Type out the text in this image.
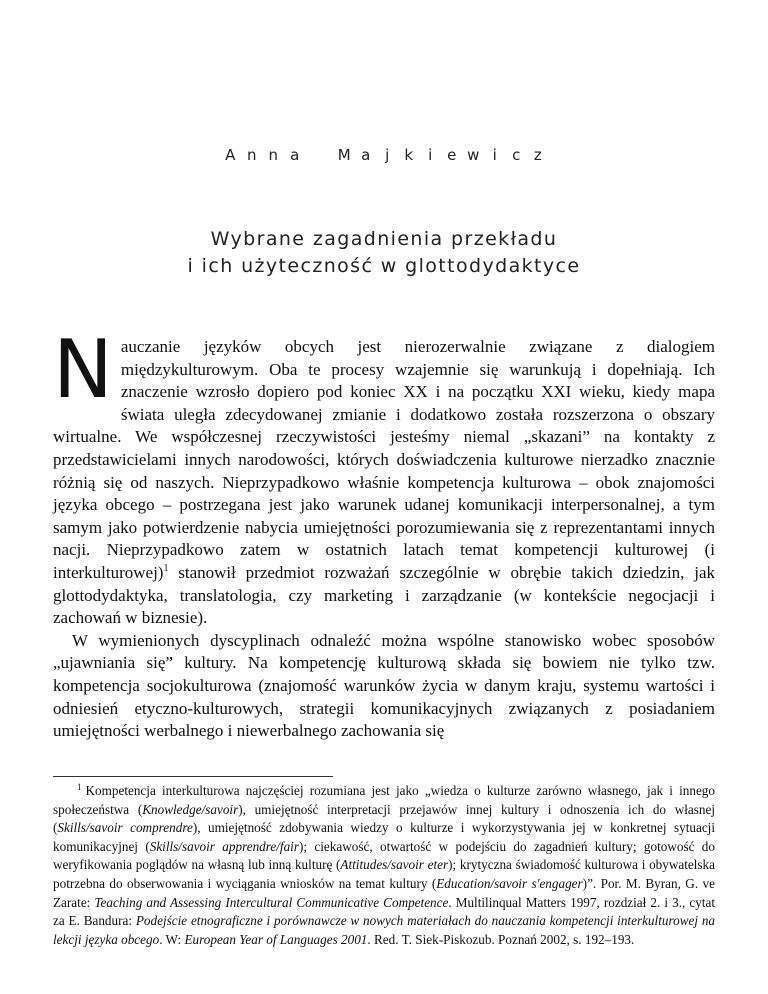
A n n a	M a j k i e w i c z
Wybrane zagadnienia przekładu
i ich użyteczność w glottodydaktyce

Nauczanie języków obcych jest nierozerwalnie związane z dialogiem międzykulturowym. Oba te procesy wzajemnie się warunkują i dopełniają. Ich znaczenie wzrosło dopiero pod koniec XX i na początku XXI wieku, kiedy mapa świata uległa zdecydowanej zmianie i dodatkowo została rozszerzona o obszary wirtualne. We współczesnej rzeczywistości jesteśmy niemal „skazani” na kontakty z przedstawicielami innych narodowości, których doświadczenia kulturowe nierzadko znacznie różnią się od naszych. Nieprzypadkowo właśnie kompetencja kulturowa – obok znajomości języka obcego – postrzegana jest jako warunek udanej komunikacji interpersonalnej, a tym samym jako potwierdzenie nabycia umiejętności porozumiewania się z reprezentantami innych nacji. Nieprzypadkowo zatem w ostatnich latach temat kompetencji kulturowej (i interkulturowej)$^1$ stanowił przedmiot rozważań szczególnie w obrębie takich dziedzin, jak glottodydaktyka, translatologia, czy marketing i zarządzanie (w kontekście negocjacji i zachowań w biznesie).

W wymienionych dyscyplinach odnaleźć można wspólne stanowisko wobec sposobów „ujawniania się” kultury. Na kompetencję kulturową składa się bowiem nie tylko tzw. kompetencja socjokulturowa (znajomość warunków życia w danym kraju, systemu wartości i odniesień etyczno-kulturowych, strategii komunikacyjnych związanych z posiadaniem umiejętności werbalnego i niewerbalnego zachowania się

$^1$ Kompetencja interkulturowa najczęściej rozumiana jest jako „wiedza o kulturze zarówno własnego, jak i innego społeczeństwa (Knowledge/savoir), umiejętność interpretacji przejawów innej kultury i odnoszenia ich do własnej (Skills/savoir comprendre), umiejętność zdobywania wiedzy o kulturze i wykorzystywania jej w konkretnej sytuacji komunikacyjnej (Skills/savoir apprendre/fair); ciekawość, otwartość w podejściu do zagadnień kultury; gotowość do weryfikowania poglądów na własną lub inną kulturę (Attitudes/savoir eter); krytyczna świadomość kulturowa i obywatelska potrzebna do obserwowania i wyciągania wniosków na temat kultury (Education/savoir s'engager)”. Por. M. Byran, G. ve Zarate: Teaching and Assessing Intercultural Communicative Competence. Multilinqual Matters 1997, rozdział 2. i 3., cytat za E. Bandura: Podejście etnograficzne i porównawcze w nowych materiałach do nauczania kompetencji interkulturowej na lekcji języka obcego. W: European Year of Languages 2001. Red. T. Siek-Piskozub. Poznań 2002, s. 192–193.
